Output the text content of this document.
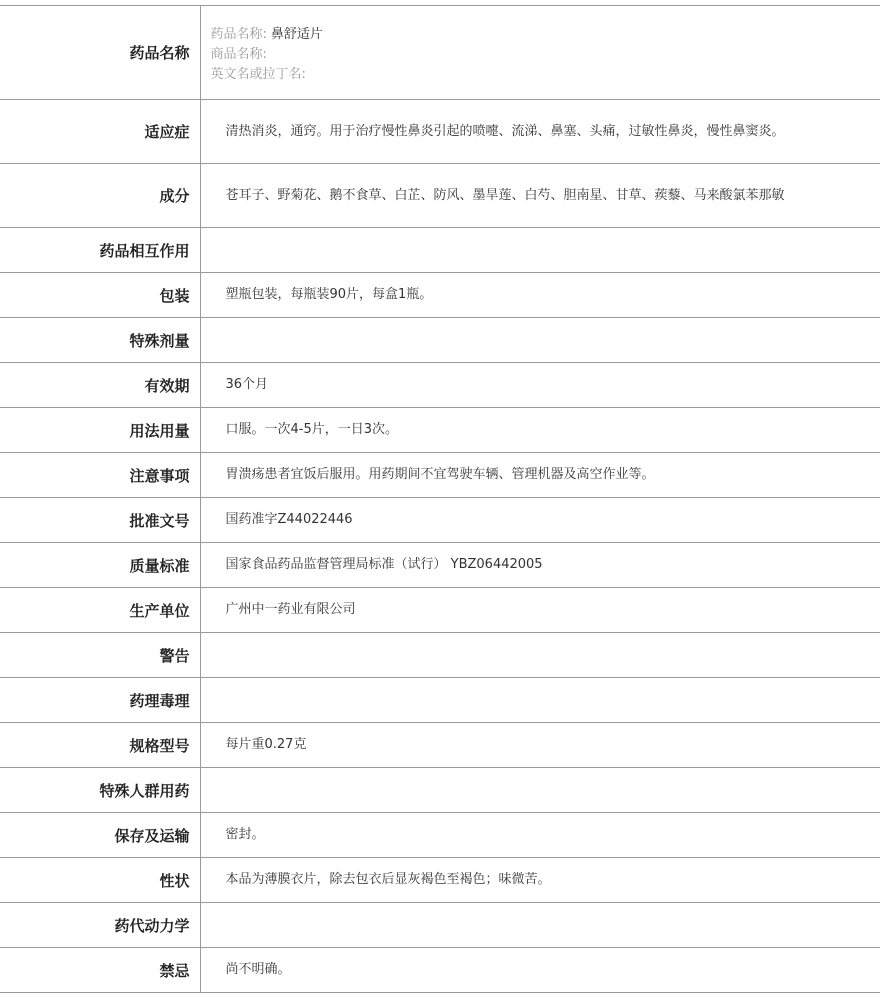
药品名称	药品名称: 鼻舒适片
商品名称:
英文名或拉丁名:

适应症	清热消炎，通窍。用于治疗慢性鼻炎引起的喷嚏、流涕、鼻塞、头痛，过敏性鼻炎，慢性鼻窦炎。
成分	苍耳子、野菊花、鹅不食草、白芷、防风、墨旱莲、白芍、胆南星、甘草、蒺藜、马来酸氯苯那敏
药品相互作用	
包装	塑瓶包装，每瓶装90片，每盒1瓶。
特殊剂量	
有效期	36个月
用法用量	口服。一次4-5片，一日3次。
注意事项	胃溃疡患者宜饭后服用。用药期间不宜驾驶车辆、管理机器及高空作业等。
批准文号	国药准字Z44022446
质量标准	国家食品药品监督管理局标准（试行） YBZ06442005
生产单位	广州中一药业有限公司
警告	
药理毒理	
规格型号	每片重0.27克
特殊人群用药	
保存及运输	密封。
性状	本品为薄膜衣片，除去包衣后显灰褐色至褐色；味微苦。
药代动力学	
禁忌	尚不明确。
